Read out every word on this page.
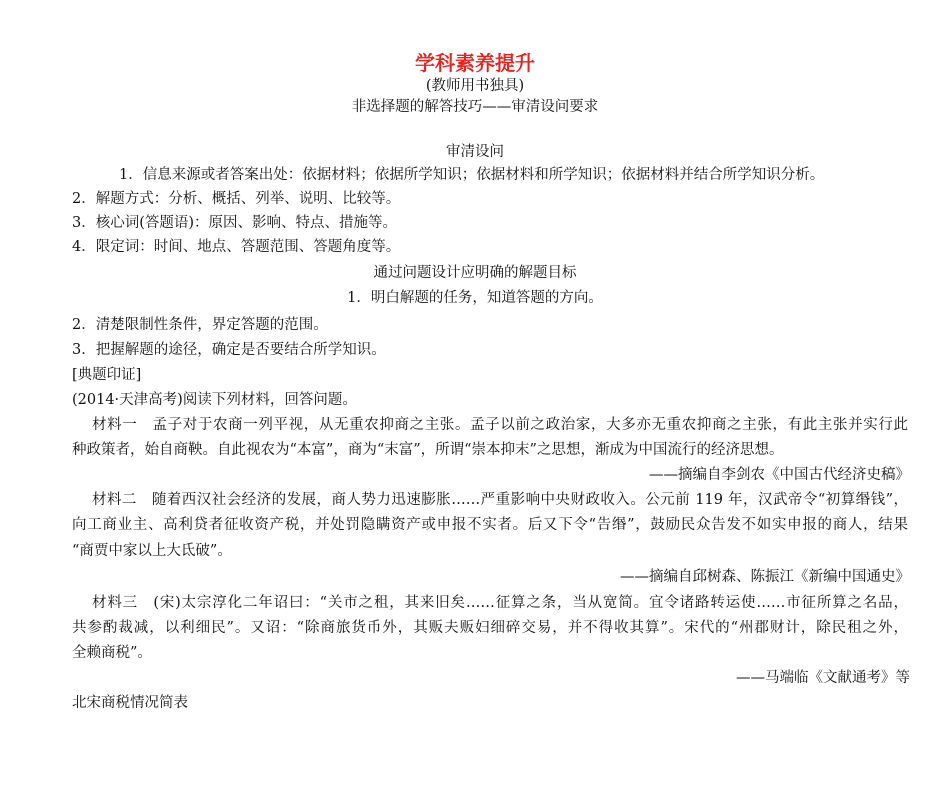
学科素养提升
(教师用书独具)
非选择题的解答技巧——审清设问要求
审清设问
1．信息来源或者答案出处：依据材料；依据所学知识；依据材料和所学知识；依据材料并结合所学知识分析。
2．解题方式：分析、概括、列举、说明、比较等。
3．核心词(答题语)：原因、影响、特点、措施等。
4．限定词：时间、地点、答题范围、答题角度等。
通过问题设计应明确的解题目标
1．明白解题的任务，知道答题的方向。
2．清楚限制性条件，界定答题的范围。
3．把握解题的途径，确定是否要结合所学知识。
[典题印证]
(2014·天津高考)阅读下列材料，回答问题。
材料一　孟子对于农商一列平视，从无重农抑商之主张。孟子以前之政治家，大多亦无重农抑商之主张，有此主张并实行此
种政策者，始自商鞅。自此视农为“本富”，商为“末富”，所谓“崇本抑末”之思想，渐成为中国流行的经济思想。
——摘编自李剑农《中国古代经济史稿》
材料二　随着西汉社会经济的发展，商人势力迅速膨胀……严重影响中央财政收入。公元前 119 年，汉武帝令“初算缗钱”，
向工商业主、高利贷者征收资产税，并处罚隐瞒资产或申报不实者。后又下令“告缗”，鼓励民众告发不如实申报的商人，结果
“商贾中家以上大氐破”。
——摘编自邱树森、陈振江《新编中国通史》
材料三　(宋)太宗淳化二年诏曰：“关市之租，其来旧矣……征算之条，当从宽简。宜令诸路转运使……市征所算之名品，
共参酌裁减，以利细民”。又诏：“除商旅货币外，其贩夫贩妇细碎交易，并不得收其算”。宋代的“州郡财计，除民租之外，
全赖商税”。
——马端临《文献通考》等
北宋商税情况简表
